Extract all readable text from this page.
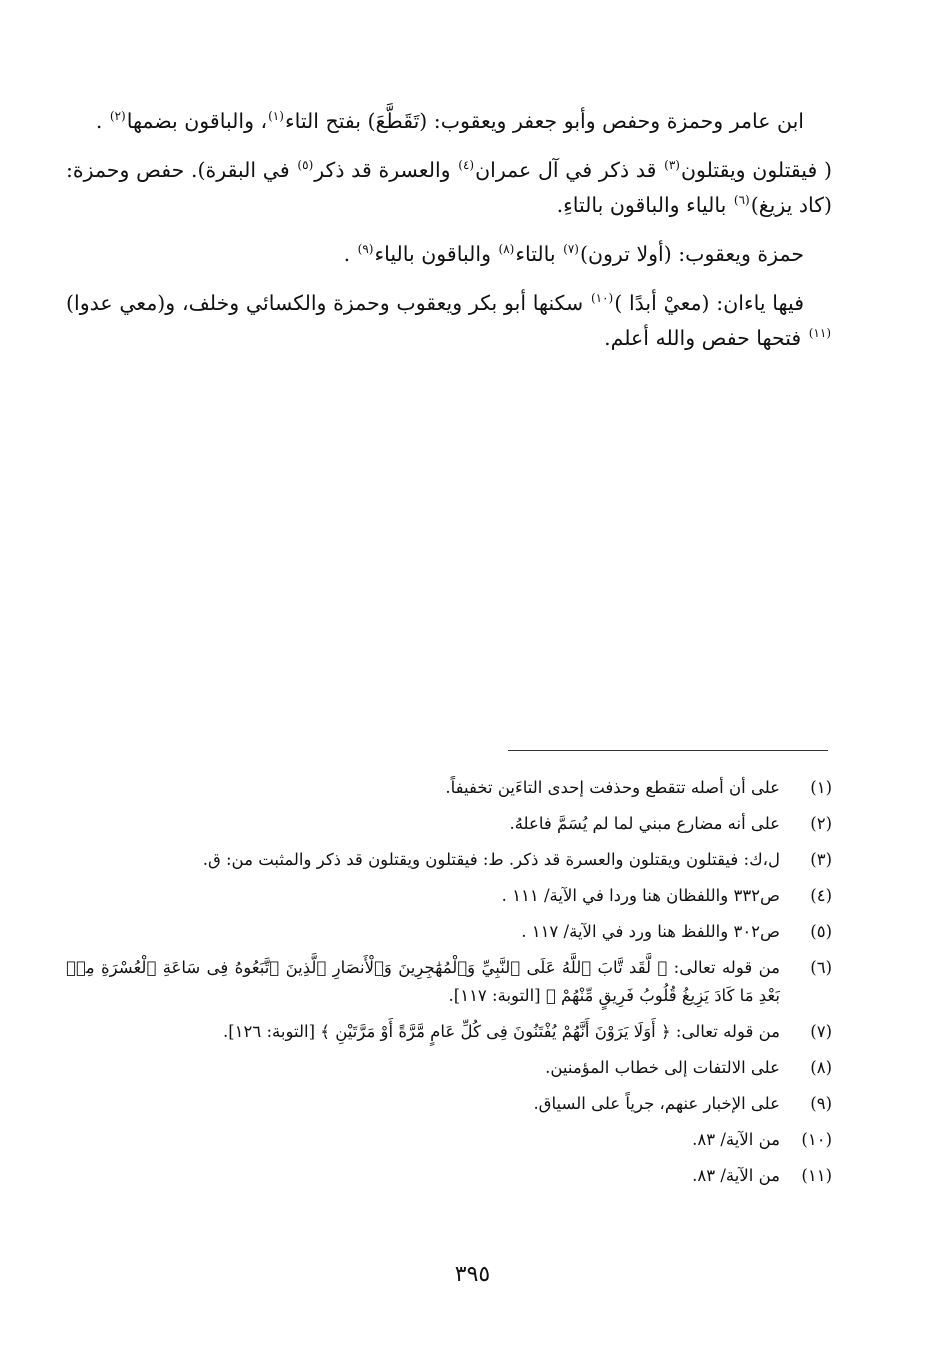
ابن عامر وحمزة وحفص وأبو جعفر ويعقوب: (تَقَطَّعَ) بفتح التاء$^{(١)}$، والباقون بضمها$^{(٢)}$ .

( فيقتلون ويقتلون$^{(٣)}$ قد ذكر في آل عمران$^{(٤)}$ والعسرة قد ذكر$^{(٥)}$ في البقرة). حفص وحمزة: (كاد يزيغ)$^{(٦)}$ بالياء والباقون بالتاءِ.

حمزة ويعقوب: (أولا ترون)$^{(٧)}$ بالتاء$^{(٨)}$ والباقون بالياء$^{(٩)}$ .

فيها ياءان: (معيْ أبدًا )$^{(١٠)}$ سكنها أبو بكر ويعقوب وحمزة والكسائي وخلف، و(معي عدوا)$^{(١١)}$ فتحها حفص والله أعلم.

(١)
على أن أصله تتقطع وحذفت إحدى التاءَين تخفيفاً.
(٢)
على أنه مضارع مبني لما لم يُسَمَّ فاعلهُ.
(٣)
ل،ك: فيقتلون ويقتلون والعسرة قد ذكر. ط: فيقتلون ويقتلون قد ذكر والمثبت من: ق.
(٤)
ص٣٣٢ واللفظان هنا وردا في الآية/ ١١١ .
(٥)
ص٣٠٢ واللفظ هنا ورد في الآية/ ١١٧ .
(٦)
من قوله تعالى: ﴿ لَّقَد تَّابَ ٱللَّهُ عَلَى ٱلنَّبِيِّ وَٱلْمُهَٰجِرِينَ وَٱلْأَنصَارِ ٱلَّذِينَ ٱتَّبَعُوهُ فِى سَاعَةِ ٱلْعُسْرَةِ مِنۢ بَعْدِ مَا كَادَ يَزِيغُ قُلُوبُ فَرِيقٍ مِّنْهُمْ ﴾ [التوبة: ١١٧].
(٧)
من قوله تعالى: ﴿ أَوَلَا يَرَوْنَ أَنَّهُمْ يُفْتَنُونَ فِى كُلِّ عَامٍ مَّرَّةً أَوْ مَرَّتَيْنِ ﴾ [التوبة: ١٢٦].
(٨)
على الالتفات إلى خطاب المؤمنين.
(٩)
على الإخبار عنهم، جرياً على السياق.
(١٠)
من الآية/ ٨٣.
(١١)
من الآية/ ٨٣.
٣٩٥
